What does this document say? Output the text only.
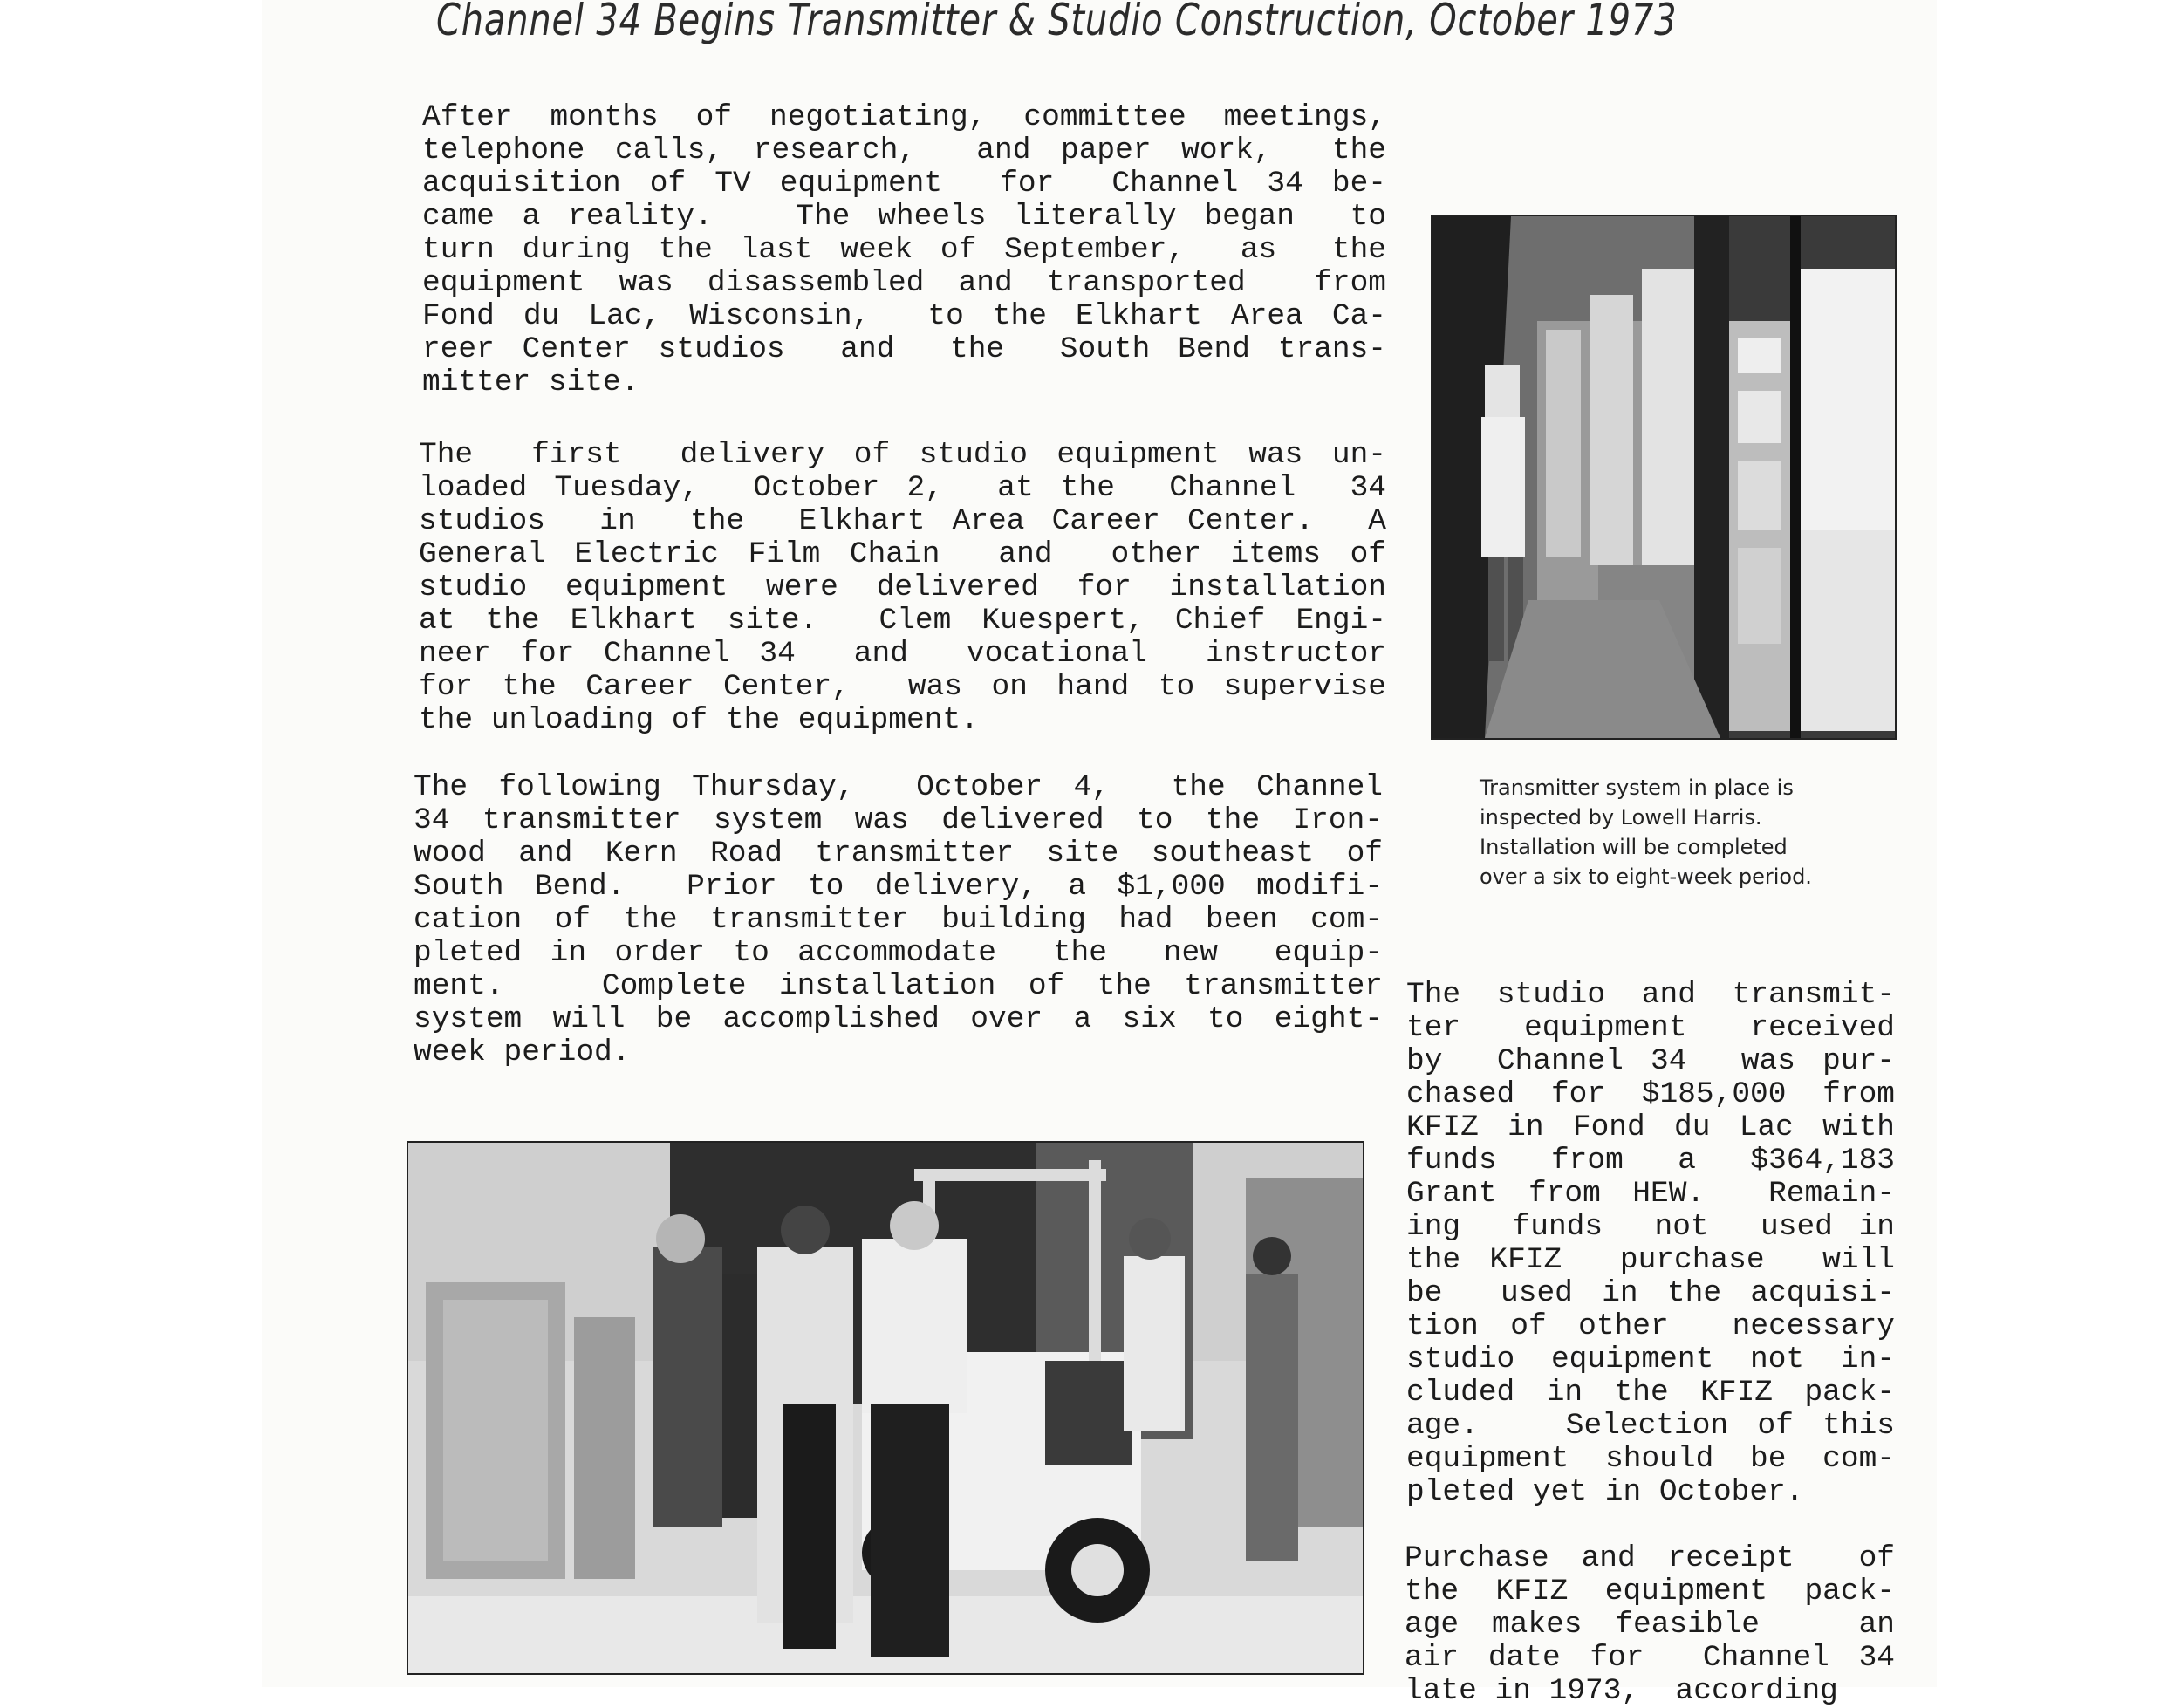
Channel 34 Begins Transmitter & Studio Construction, October 1973
After months of negotiating, committee meetings,
telephone calls, research,  and paper work,  the
acquisition of TV equipment  for  Channel 34 be-
came a reality.   The wheels literally began  to
turn during the last week of September,  as  the
equipment was disassembled and transported  from
Fond du Lac, Wisconsin,  to the Elkhart Area Ca-
reer Center studios  and  the  South Bend trans-
mitter site.
The  first  delivery of studio equipment was un-
loaded Tuesday,  October 2,  at the  Channel  34
studios  in  the  Elkhart Area Career Center.  A
General Electric Film Chain  and  other items of
studio equipment were delivered for installation
at the Elkhart site.  Clem Kuespert, Chief Engi-
neer for Channel 34  and  vocational  instructor
for the Career Center,  was on hand to supervise
the unloading of the equipment.
The following Thursday,  October 4,  the Channel
34 transmitter system was delivered to the Iron-
wood and Kern Road transmitter site southeast of
South Bend.  Prior to delivery, a $1,000 modifi-
cation of the transmitter building had been com-
pleted in order to accommodate  the  new  equip-
ment.   Complete installation of the transmitter
system will be accomplished over a six to eight-
week period.
Transmitter system in place is
inspected by Lowell Harris.
Installation will be completed
over a six to eight-week period.
The studio and transmit-
ter  equipment  received
by  Channel 34  was pur-
chased for $185,000 from
KFIZ in Fond du Lac with
funds  from  a  $364,183
Grant from HEW.  Remain-
ing  funds  not  used in
the KFIZ  purchase  will
be  used in the acquisi-
tion of other  necessary
studio equipment not in-
cluded in the KFIZ pack-
age.   Selection of this
equipment should be com-
pleted yet in October.
Purchase and receipt  of
the KFIZ equipment pack-
age makes feasible   an
air date for  Channel 34
late in 1973,  according
